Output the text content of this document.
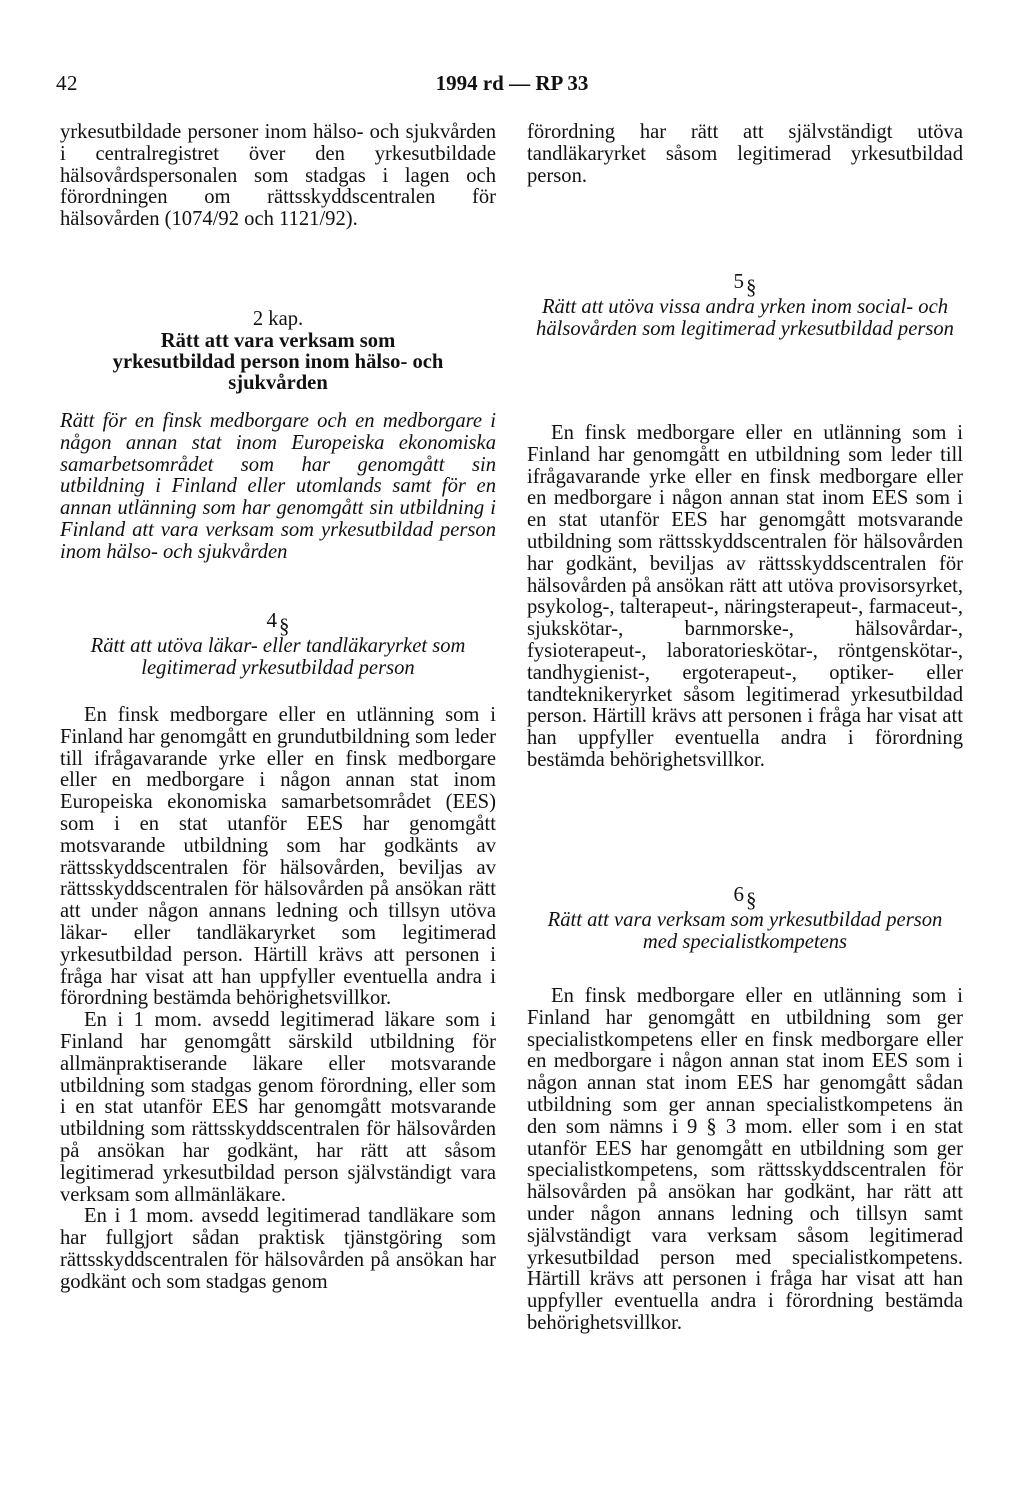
42	1994 rd — RP 33

yrkesutbildade personer inom hälso- och sjukvården i centralregistret över den yrkesutbildade hälsovårdspersonalen som stadgas i lagen och förordningen om rättsskyddscentralen för hälsovården (1074/92 och 1121/92).

2 kap.

Rätt att vara verksam som yrkesutbildad person inom hälso- och sjukvården

Rätt för en finsk medborgare och en medborgare i någon annan stat inom Europeiska ekonomiska samarbetsområdet som har genomgått sin utbildning i Finland eller utomlands samt för en annan utlänning som har genomgått sin utbildning i Finland att vara verksam som yrkesutbildad person inom hälso- och sjukvården

4§

Rätt att utöva läkar- eller tandläkaryrket som legitimerad yrkesutbildad person

En finsk medborgare eller en utlänning som i Finland har genomgått en grundutbildning som leder till ifrågavarande yrke eller en finsk medborgare eller en medborgare i någon annan stat inom Europeiska ekonomiska samarbetsområdet (EES) som i en stat utanför EES har genomgått motsvarande utbildning som har godkänts av rättsskyddscentralen för hälsovården, beviljas av rättsskyddscentralen för hälsovården på ansökan rätt att under någon annans ledning och tillsyn utöva läkar- eller tandläkaryrket som legitimerad yrkesutbildad person. Härtill krävs att personen i fråga har visat att han uppfyller eventuella andra i förordning bestämda behörighetsvillkor.

En i 1 mom. avsedd legitimerad läkare som i Finland har genomgått särskild utbildning för allmänpraktiserande läkare eller motsvarande utbildning som stadgas genom förordning, eller som i en stat utanför EES har genomgått motsvarande utbildning som rättsskyddscentralen för hälsovården på ansökan har godkänt, har rätt att såsom legitimerad yrkesutbildad person självständigt vara verksam som allmänläkare.

En i 1 mom. avsedd legitimerad tandläkare som har fullgjort sådan praktisk tjänstgöring som rättsskyddscentralen för hälsovården på ansökan har godkänt och som stadgas genom

förordning har rätt att självständigt utöva tandläkaryrket såsom legitimerad yrkesutbildad person.

5§

Rätt att utöva vissa andra yrken inom social- och hälsovården som legitimerad yrkesutbildad person

En finsk medborgare eller en utlänning som i Finland har genomgått en utbildning som leder till ifrågavarande yrke eller en finsk medborgare eller en medborgare i någon annan stat inom EES som i en stat utanför EES har genomgått motsvarande utbildning som rättsskyddscentralen för hälsovården har godkänt, beviljas av rättsskyddscentralen för hälsovården på ansökan rätt att utöva provisorsyrket, psykolog-, talterapeut-, näringsterapeut-, farmaceut-, sjukskötar-, barnmorske-, hälsovårdar-, fysioterapeut-, laboratorieskötar-, röntgenskötar-, tandhygienist-, ergoterapeut-, optiker- eller tandteknikeryrket såsom legitimerad yrkesutbildad person. Härtill krävs att personen i fråga har visat att han uppfyller eventuella andra i förordning bestämda behörighetsvillkor.

6§

Rätt att vara verksam som yrkesutbildad person med specialistkompetens

En finsk medborgare eller en utlänning som i Finland har genomgått en utbildning som ger specialistkompetens eller en finsk medborgare eller en medborgare i någon annan stat inom EES som i någon annan stat inom EES har genomgått sådan utbildning som ger annan specialistkompetens än den som nämns i 9 § 3 mom. eller som i en stat utanför EES har genomgått en utbildning som ger specialistkompetens, som rättsskyddscentralen för hälsovården på ansökan har godkänt, har rätt att under någon annans ledning och tillsyn samt självständigt vara verksam såsom legitimerad yrkesutbildad person med specialistkompetens. Härtill krävs att personen i fråga har visat att han uppfyller eventuella andra i förordning bestämda behörighetsvillkor.
